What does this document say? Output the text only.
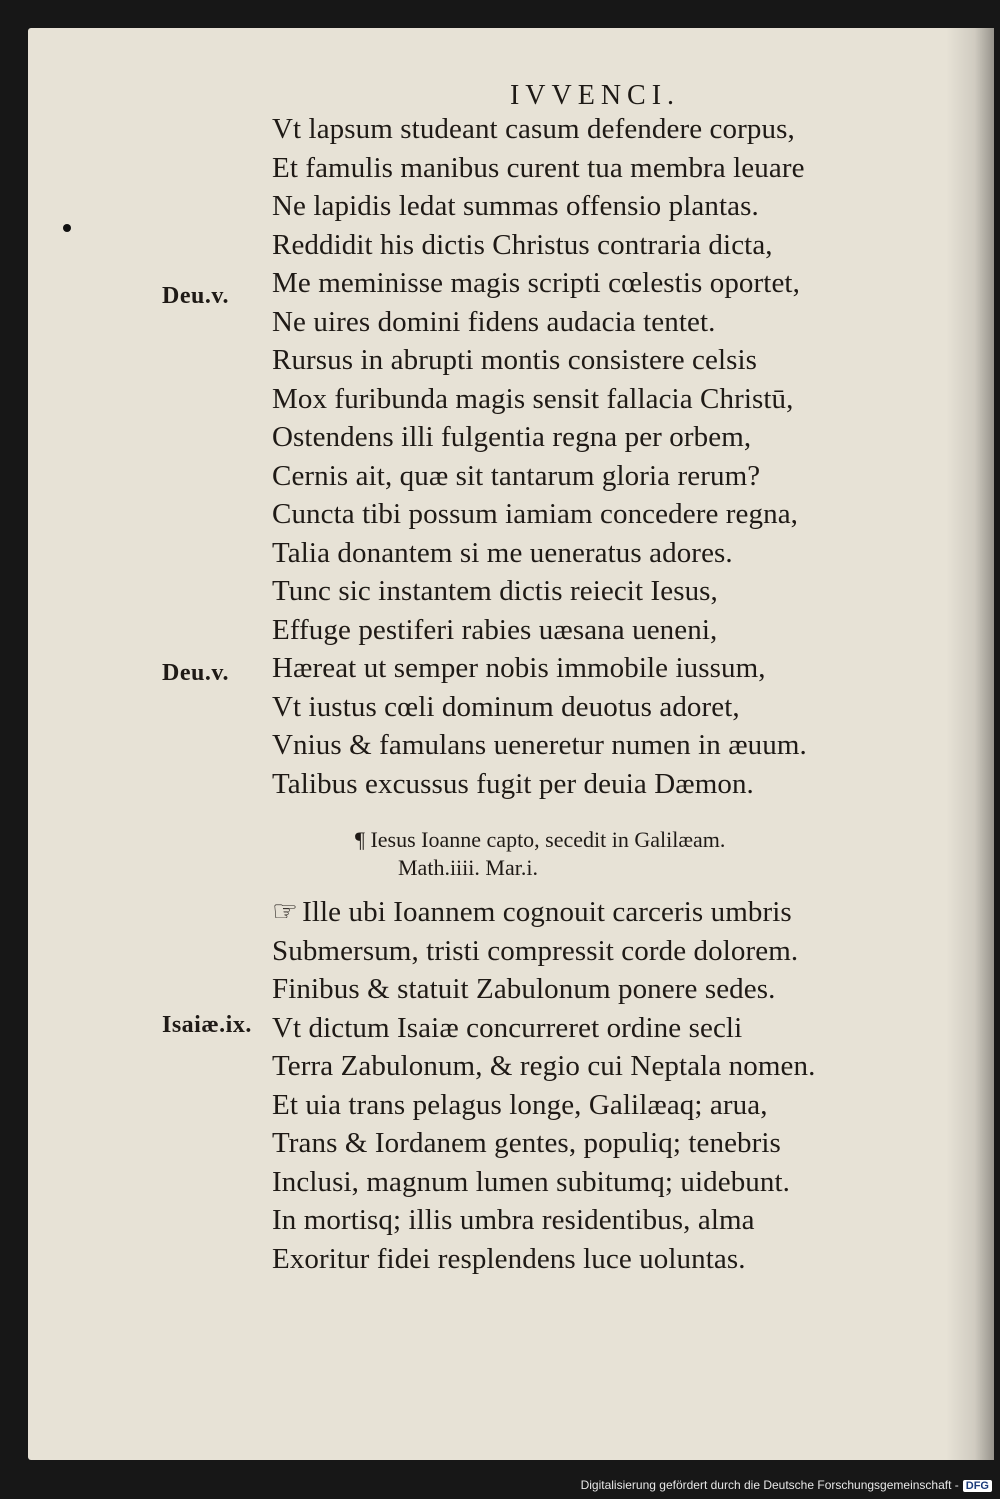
IVVENCI.
Deu.v.
Deu.v.
Isaiæ.ix.
Vt lapsum studeant casum defendere corpus,
Et famulis manibus curent tua membra leuare
Ne lapidis ledat summas offensio plantas.
Reddidit his dictis Christus contraria dicta,
Me meminisse magis scripti cœlestis oportet,
Ne uires domini fidens audacia tentet.
Rursus in abrupti montis consistere celsis
Mox furibunda magis sensit fallacia Christū,
Ostendens illi fulgentia regna per orbem,
Cernis ait, quæ sit tantarum gloria rerum?
Cuncta tibi possum iamiam concedere regna,
Talia donantem si me ueneratus adores.
Tunc sic instantem dictis reiecit Iesus,
Effuge pestiferi rabies uæsana ueneni,
Hæreat ut semper nobis immobile iussum,
Vt iustus cœli dominum deuotus adoret,
Vnius & famulans ueneretur numen in æuum.
Talibus excussus fugit per deuia Dæmon.
☞ Ille ubi Ioannem cognouit carceris umbris
Submersum, tristi compressit corde dolorem.
Finibus & statuit Zabulonum ponere sedes.
Vt dictum Isaiæ concurreret ordine secli
Terra Zabulonum, & regio cui Neptala nomen.
Et uia trans pelagus longe, Galilæaq; arua,
Trans & Iordanem gentes, populiq; tenebris
Inclusi, magnum lumen subitumq; uidebunt.
In mortisq; illis umbra residentibus, alma
Exoritur fidei resplendens luce uoluntas.
¶ Iesus Ioanne capto, secedit in Galilæam.
Math.iiii. Mar.i.
Digitalisierung gefördert durch die Deutsche Forschungsgemeinschaft - DFG
